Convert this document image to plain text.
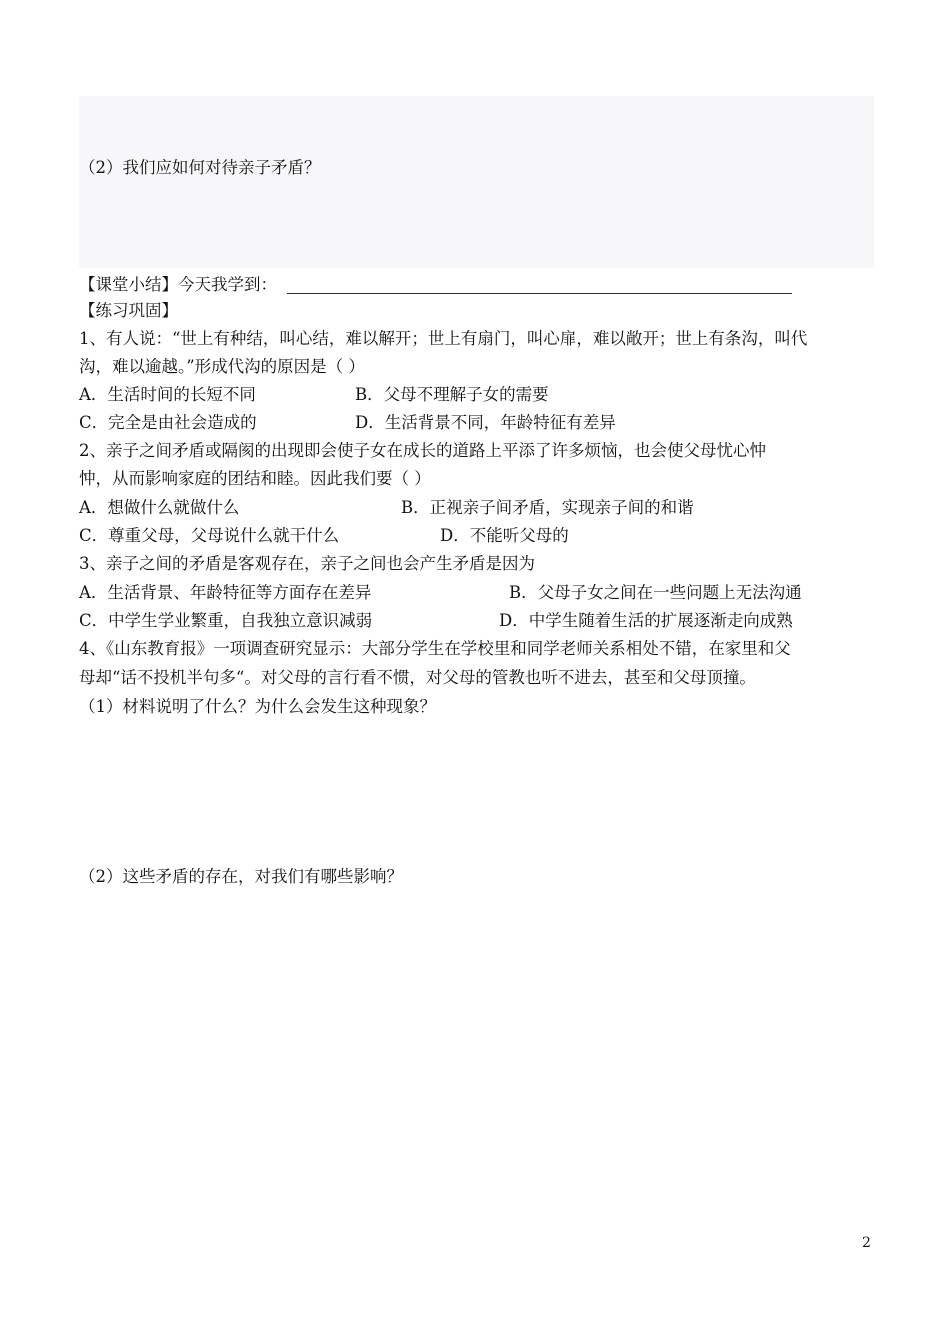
（2）我们应如何对待亲子矛盾？
【课堂小结】今天我学到：
【练习巩固】
1、有人说：“世上有种结，叫心结，难以解开；世上有扇门，叫心扉，难以敞开；世上有条沟，叫代
沟，难以逾越。”形成代沟的原因是（ ）
A．生活时间的长短不同	B．父母不理解子女的需要
C．完全是由社会造成的	D．生活背景不同，年龄特征有差异
2、亲子之间矛盾或隔阂的出现即会使子女在成长的道路上平添了许多烦恼，也会使父母忧心忡
忡，从而影响家庭的团结和睦。因此我们要（ ）
A．想做什么就做什么	B．正视亲子间矛盾，实现亲子间的和谐
C．尊重父母，父母说什么就干什么	D．不能听父母的
3、亲子之间的矛盾是客观存在，亲子之间也会产生矛盾是因为
A．生活背景、年龄特征等方面存在差异	B．父母子女之间在一些问题上无法沟通
C．中学生学业繁重，自我独立意识减弱	D．中学生随着生活的扩展逐渐走向成熟
4、《山东教育报》一项调查研究显示：大部分学生在学校里和同学老师关系相处不错，在家里和父
母却“话不投机半句多“。对父母的言行看不惯，对父母的管教也听不进去，甚至和父母顶撞。
（1）材料说明了什么？为什么会发生这种现象？
（2）这些矛盾的存在，对我们有哪些影响？
2
